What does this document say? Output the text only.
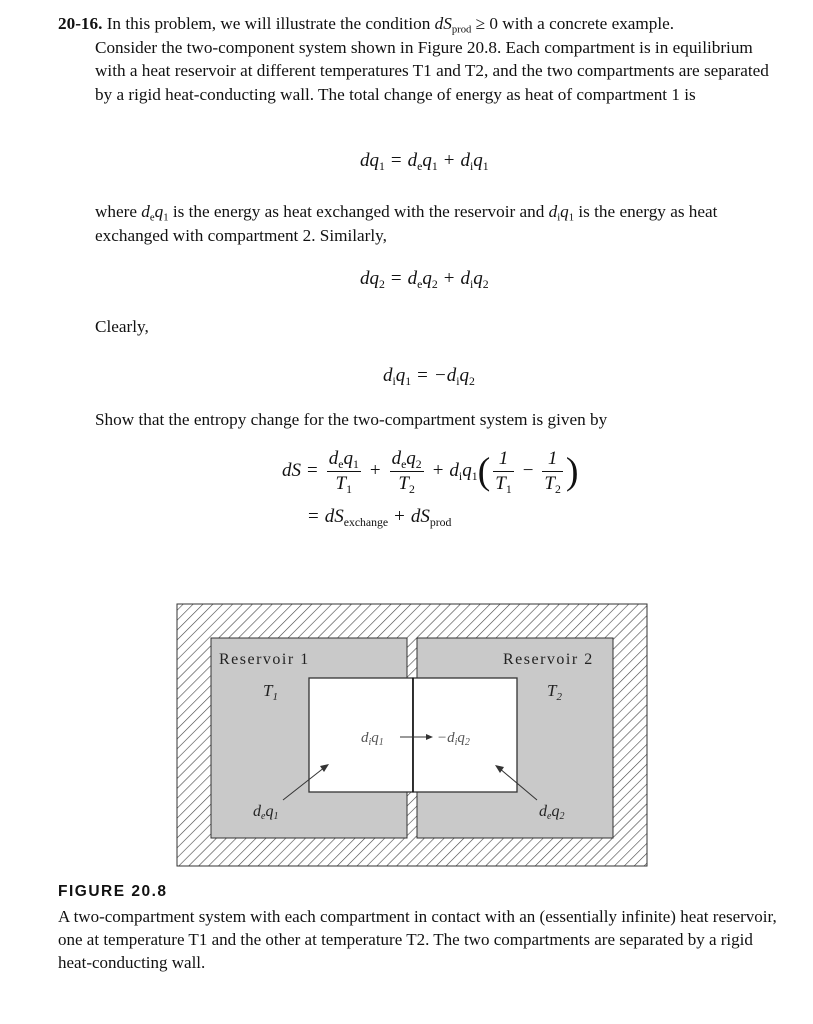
20-16. In this problem, we will illustrate the condition $dS_{prod} \ge 0$ with a concrete example.
Consider the two-component system shown in Figure 20.8. Each compartment is in equilibrium with a heat reservoir at different temperatures T1 and T2, and the two compartments are separated by a rigid heat-conducting wall. The total change of energy as heat of compartment 1 is
$dq_1 = d_eq_1 + d_iq_1$
where $d_eq_1$ is the energy as heat exchanged with the reservoir and $d_iq_1$ is the energy as heat exchanged with compartment 2. Similarly,
$dq_2 = d_eq_2 + d_iq_2$
Clearly,
$d_iq_1 = -d_iq_2$
Show that the entropy change for the two-compartment system is given by
dS = $\frac{d_eq_1}{T_1} + \frac{d_eq_2}{T_2} + d_iq_1( \frac{1}{T_1} - \frac{1}{T_2}$ )
= $dS_{exchange} + dS_{prod}$
Reservoir 1	Reservoir 2
$T_1$	$T_2$
$d_iq_1$	$-d_iq_2$
deq1	deq2
FIGURE 20.8
A two-compartment system with each compartment in contact with an (essentially infinite) heat reservoir, one at temperature T1 and the other at temperature T2. The two compartments are separated by a rigid heat-conducting wall.
